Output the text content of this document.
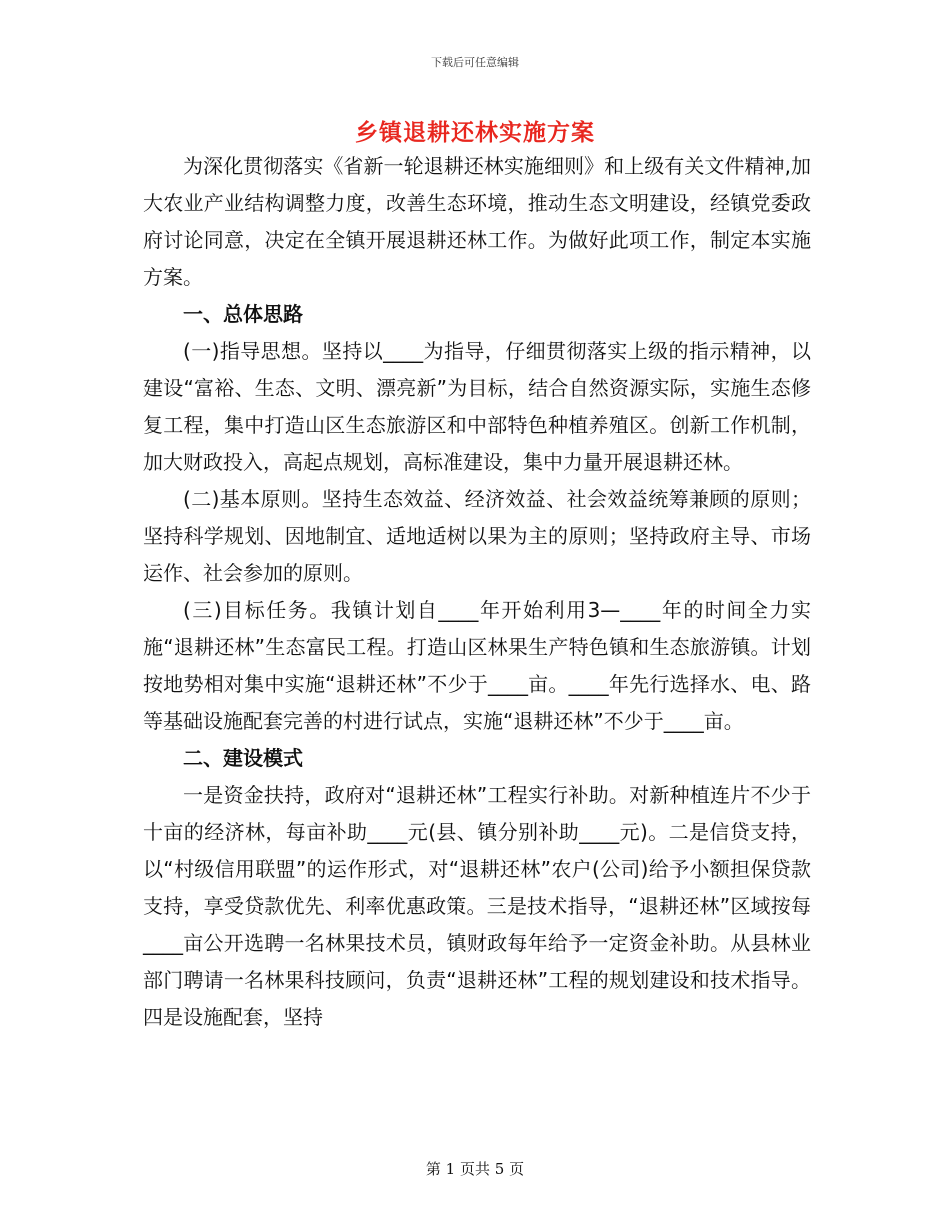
下载后可任意编辑
乡镇退耕还林实施方案

为深化贯彻落实《省新一轮退耕还林实施细则》和上级有关文件精神,加大农业产业结构调整力度，改善生态环境，推动生态文明建设，经镇党委政府讨论同意，决定在全镇开展退耕还林工作。为做好此项工作，制定本实施方案。

一、总体思路

(一)指导思想。坚持以____为指导，仔细贯彻落实上级的指示精神，以建设“富裕、生态、文明、漂亮新”为目标，结合自然资源实际，实施生态修复工程，集中打造山区生态旅游区和中部特色种植养殖区。创新工作机制，加大财政投入，高起点规划，高标准建设，集中力量开展退耕还林。

(二)基本原则。坚持生态效益、经济效益、社会效益统筹兼顾的原则；坚持科学规划、因地制宜、适地适树以果为主的原则；坚持政府主导、市场运作、社会参加的原则。

(三)目标任务。我镇计划自____年开始利用3—____年的时间全力实施“退耕还林”生态富民工程。打造山区林果生产特色镇和生态旅游镇。计划按地势相对集中实施“退耕还林”不少于____亩。____年先行选择水、电、路等基础设施配套完善的村进行试点，实施“退耕还林”不少于____亩。

二、建设模式

一是资金扶持，政府对“退耕还林”工程实行补助。对新种植连片不少于十亩的经济林，每亩补助____元(县、镇分别补助____元)。二是信贷支持，以“村级信用联盟”的运作形式，对“退耕还林”农户(公司)给予小额担保贷款支持，享受贷款优先、利率优惠政策。三是技术指导，“退耕还林”区域按每____亩公开选聘一名林果技术员，镇财政每年给予一定资金补助。从县林业部门聘请一名林果科技顾问，负责“退耕还林”工程的规划建设和技术指导。四是设施配套，坚持

第 1 页共 5 页
